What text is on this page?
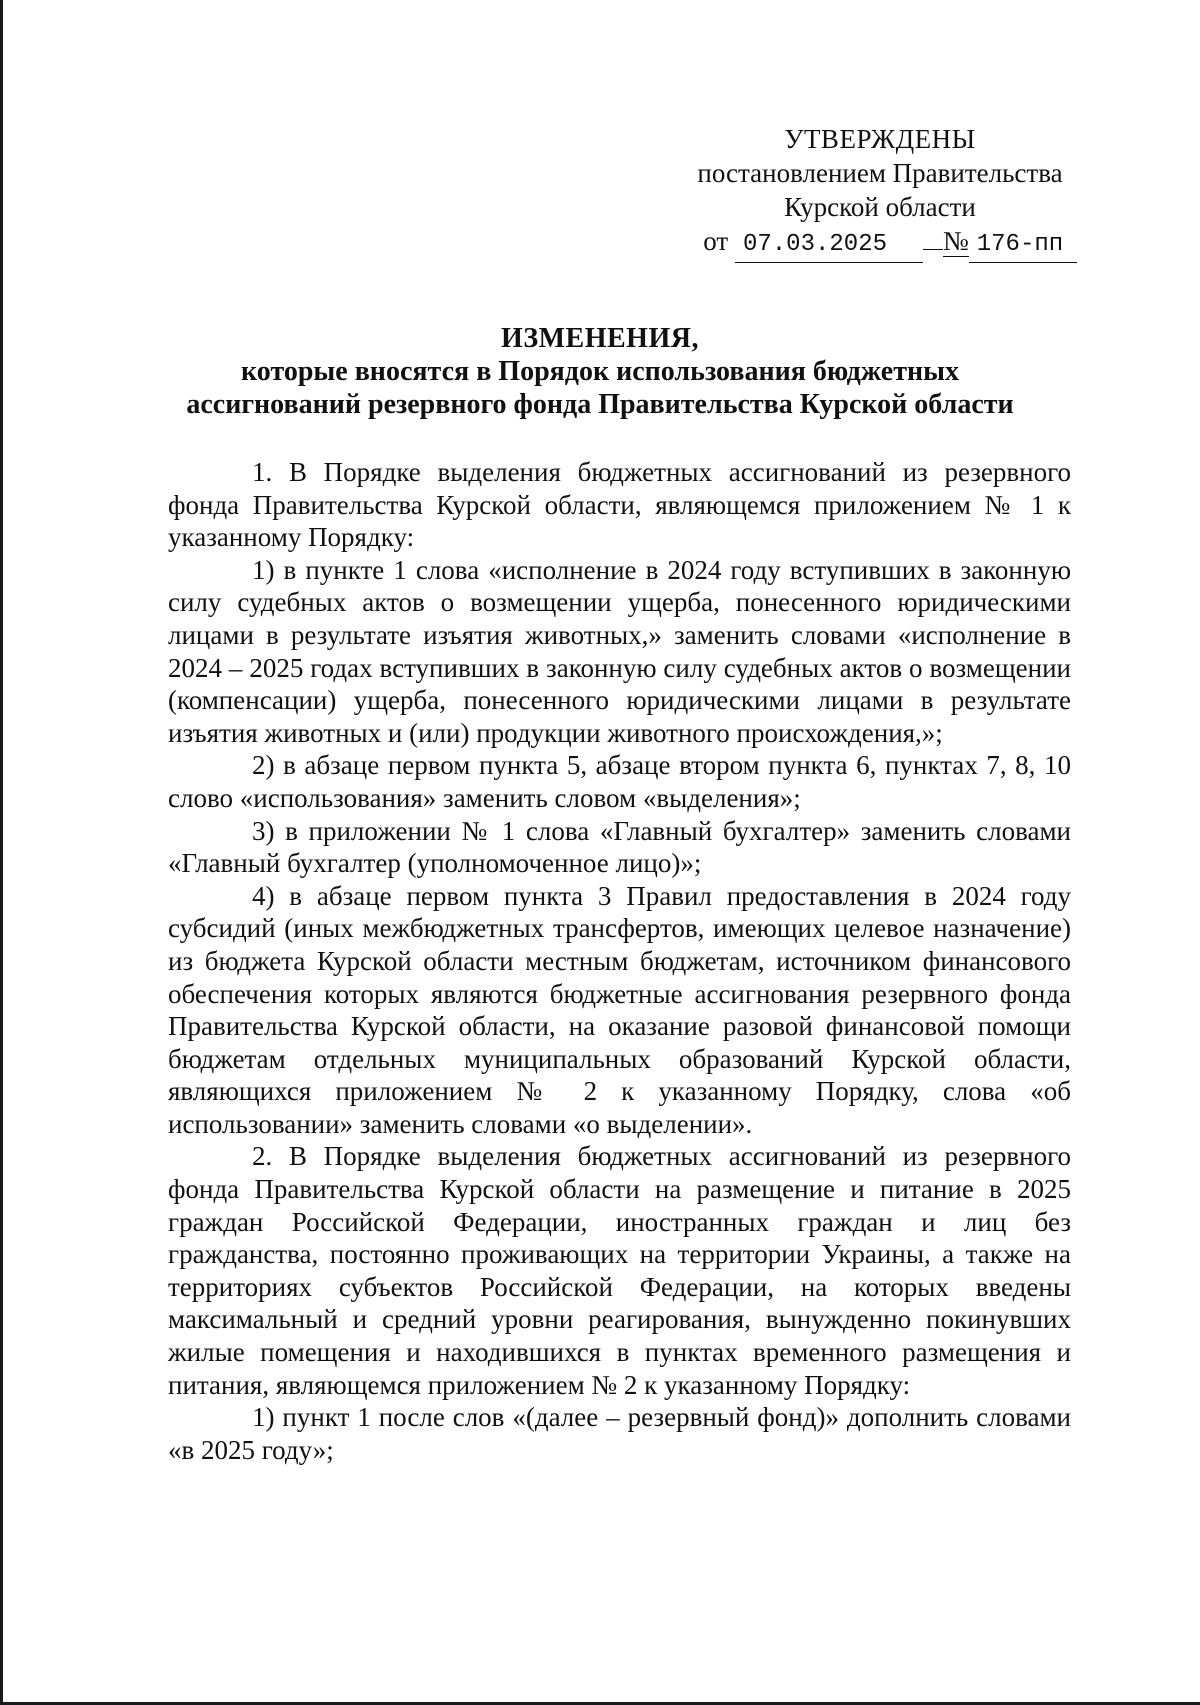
УТВЕРЖДЕНЫ
постановлением Правительства
Курской области
от 07.03.2025 № 176-пп
ИЗМЕНЕНИЯ,
которые вносятся в Порядок использования бюджетных
ассигнований резервного фонда Правительства Курской области

1. В Порядке выделения бюджетных ассигнований из резервного фонда Правительства Курской области, являющемся приложением № 1 к указанному Порядку:

1) в пункте 1 слова «исполнение в 2024 году вступивших в законную силу судебных актов о возмещении ущерба, понесенного юридическими лицами в результате изъятия животных,» заменить словами «исполнение в 2024 – 2025 годах вступивших в законную силу судебных актов о возмещении (компенсации) ущерба, понесенного юридическими лицами в результате изъятия животных и (или) продукции животного происхождения,»;

2) в абзаце первом пункта 5, абзаце втором пункта 6, пунктах 7, 8, 10 слово «использования» заменить словом «выделения»;

3) в приложении № 1 слова «Главный бухгалтер» заменить словами «Главный бухгалтер (уполномоченное лицо)»;

4) в абзаце первом пункта 3 Правил предоставления в 2024 году субсидий (иных межбюджетных трансфертов, имеющих целевое назначение) из бюджета Курской области местным бюджетам, источником финансового обеспечения которых являются бюджетные ассигнования резервного фонда Правительства Курской области, на оказание разовой финансовой помощи бюджетам отдельных муниципальных образований Курской области, являющихся приложением № 2 к указанному Порядку, слова «об использовании» заменить словами «о выделении».

2. В Порядке выделения бюджетных ассигнований из резервного фонда Правительства Курской области на размещение и питание в 2025 граждан Российской Федерации, иностранных граждан и лиц без гражданства, постоянно проживающих на территории Украины, а также на территориях субъектов Российской Федерации, на которых введены максимальный и средний уровни реагирования, вынужденно покинувших жилые помещения и находившихся в пунктах временного размещения и питания, являющемся приложением № 2 к указанному Порядку:

1) пункт 1 после слов «(далее – резервный фонд)» дополнить словами «в 2025 году»;
